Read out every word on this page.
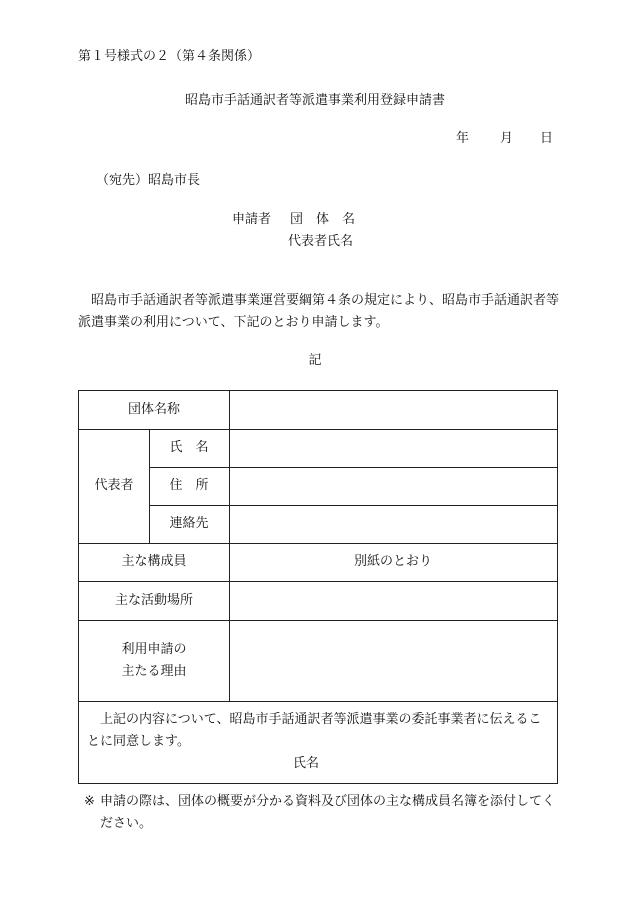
第１号様式の２（第４条関係）
昭島市手話通訳者等派遣事業利用登録申請書
年 月 日
（宛先）昭島市長
申請者 団　体　名
代表者氏名
　昭島市手話通訳者等派遣事業運営要綱第４条の規定により、昭島市手話通訳者等派遣事業の利用について、下記のとおり申請します。
記
団体名称
代表者
氏　名
住　所
連絡先
主な構成員
主な活動場所
利用申請の
主たる理由
別紙のとおり
　上記の内容について、昭島市手話通訳者等派遣事業の委託事業者に伝えることに同意します。
氏名
※ 申請の際は、団体の概要が分かる資料及び団体の主な構成員名簿を添付してください。
